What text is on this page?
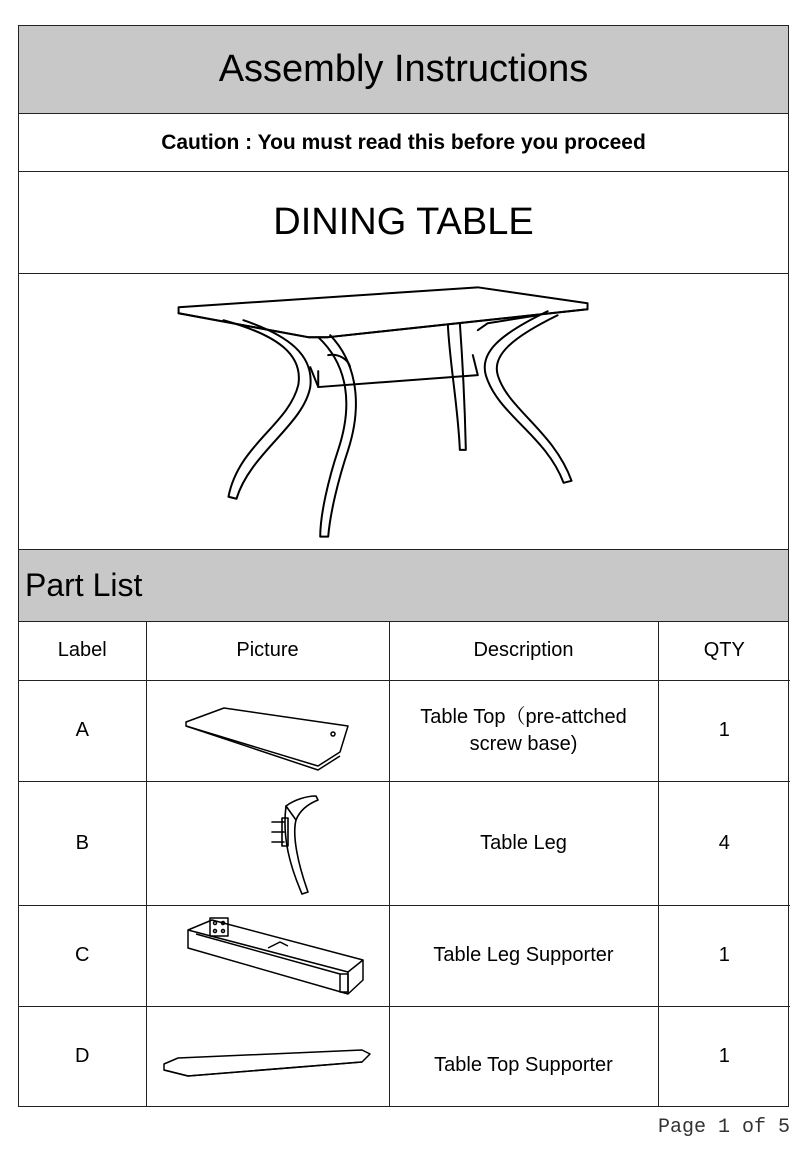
Assembly Instructions
Caution : You must read this before you proceed
DINING TABLE
Part List
Label	Picture	Description	QTY
A		Table Top（pre-attched screw base)	1
B		Table Leg	4
C		Table Leg Supporter	1
D		Table Top Supporter	1
Page 1 of 5
